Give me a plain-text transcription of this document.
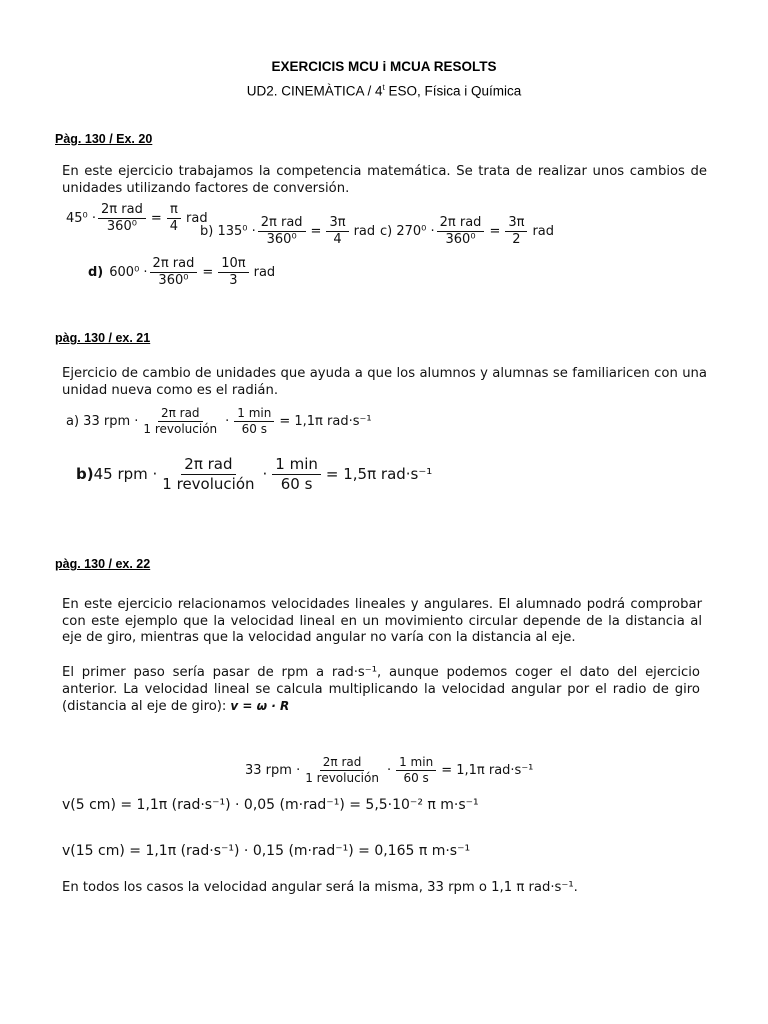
EXERCICIS MCU i MCUA RESOLTS
UD2. CINEMÀTICA / 4$^t$ ESO, Física i Química
Pàg. 130 / Ex. 20
En este ejercicio trabajamos la competencia matemática. Se trata de realizar unos cambios de unidades utilizando factores de conversión.
$45^0 \cdot \frac{\text{2π rad}}{\text{360⁰}} = \frac{\pi}{4}$ rad
b) $135^0 \cdot \frac{\text{2π rad}}{\text{360⁰}} = \frac{3\pi}{4}$ rad c) $270^0 \cdot \frac{\text{2π rad}}{\text{360⁰}} = \frac{3\pi}{2}$ rad
d) $600^0 \cdot \frac{\text{2π rad}}{\text{360⁰}} = \frac{10\pi}{3}$ rad
pàg. 130 / ex. 21
Ejercicio de cambio de unidades que ayuda a que los alumnos y alumnas se familiaricen con una unidad nueva como es el radián.
a) 33 rpm · $\frac{\text{2π rad}}{\text{1 revolución}} \cdot \frac{1 \min}{60 s} = 1,1\pi$ rad·s⁻¹
b) 45 rpm · $\frac{\text{2π rad}}{\text{1 revolución}} \cdot \frac{1 \min}{60 s} = 1,5\pi$ rad·s⁻¹
pàg. 130 / ex. 22
En este ejercicio relacionamos velocidades lineales y angulares. El alumnado podrá comprobar con este ejemplo que la velocidad lineal en un movimiento circular depende de la distancia al eje de giro, mientras que la velocidad angular no varía con la distancia al eje.
El primer paso sería pasar de rpm a rad·s⁻¹, aunque podemos coger el dato del ejercicio anterior. La velocidad lineal se calcula multiplicando la velocidad angular por el radio de giro (distancia al eje de giro): v = ω · R
33 rpm · $\frac{\text{2π rad}}{\text{1 revolución}} \cdot \frac{1 \min}{60 s} = 1,1\pi$ rad·s⁻¹
v(5 cm) = 1,1π (rad·s⁻¹) · 0,05 (m·rad⁻¹) = 5,5·10⁻² π m·s⁻¹
v(15 cm) = 1,1π (rad·s⁻¹) · 0,15 (m·rad⁻¹) = 0,165 π m·s⁻¹
En todos los casos la velocidad angular será la misma, 33 rpm o 1,1 π rad·s⁻¹.
